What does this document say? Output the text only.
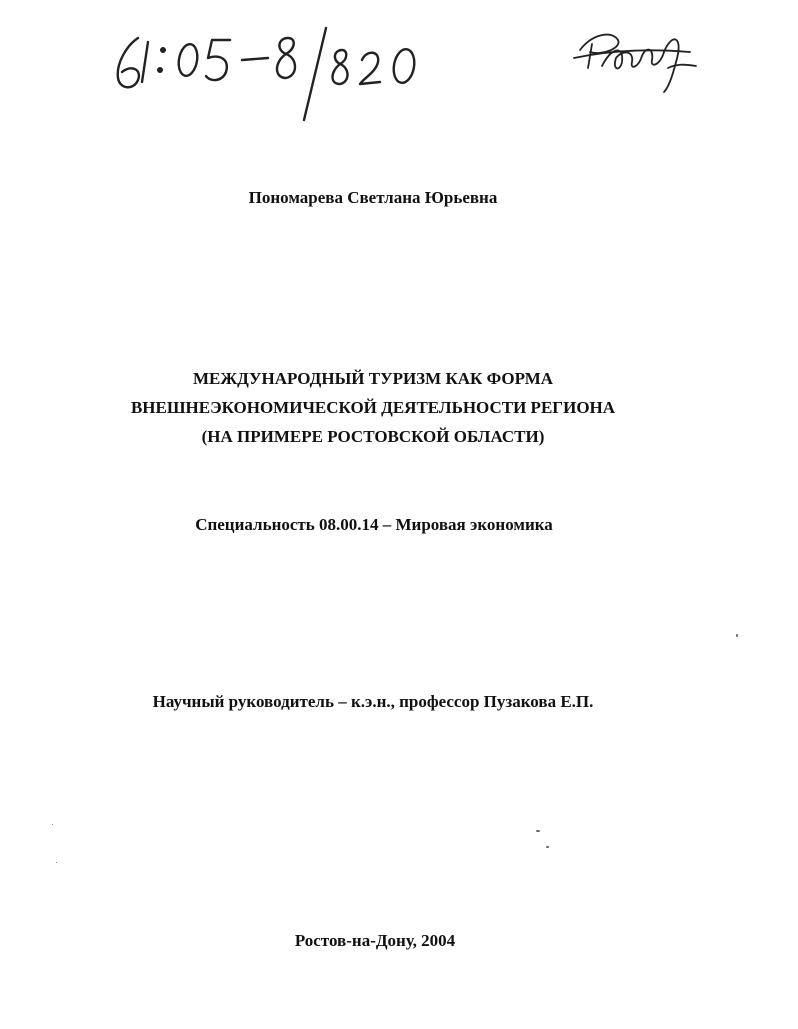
Пономарева Светлана Юрьевна
МЕЖДУНАРОДНЫЙ ТУРИЗМ КАК ФОРМА
ВНЕШНЕЭКОНОМИЧЕСКОЙ ДЕЯТЕЛЬНОСТИ РЕГИОНА
(НА ПРИМЕРЕ РОСТОВСКОЙ ОБЛАСТИ)
Специальность 08.00.14 – Мировая экономика
Научный руководитель – к.э.н., профессор Пузакова Е.П.
Ростов-на-Дону, 2004
